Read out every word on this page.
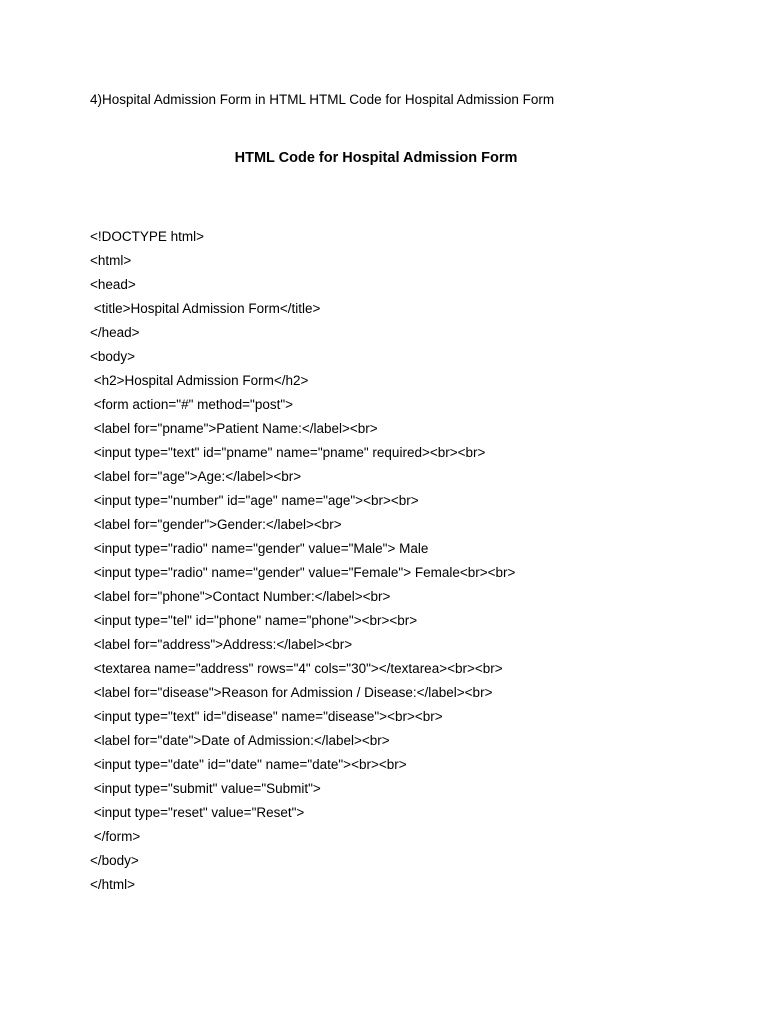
4)Hospital Admission Form in HTML HTML Code for Hospital Admission Form
HTML Code for Hospital Admission Form
<!DOCTYPE html>
<html>
<head>
<title>Hospital Admission Form</title>
</head>
<body>
<h2>Hospital Admission Form</h2>
<form action="#" method="post">
<label for="pname">Patient Name:</label><br>
<input type="text" id="pname" name="pname" required><br><br>
<label for="age">Age:</label><br>
<input type="number" id="age" name="age"><br><br>
<label for="gender">Gender:</label><br>
<input type="radio" name="gender" value="Male"> Male
<input type="radio" name="gender" value="Female"> Female<br><br>
<label for="phone">Contact Number:</label><br>
<input type="tel" id="phone" name="phone"><br><br>
<label for="address">Address:</label><br>
<textarea name="address" rows="4" cols="30"></textarea><br><br>
<label for="disease">Reason for Admission / Disease:</label><br>
<input type="text" id="disease" name="disease"><br><br>
<label for="date">Date of Admission:</label><br>
<input type="date" id="date" name="date"><br><br>
<input type="submit" value="Submit">
<input type="reset" value="Reset">
</form>
</body>
</html>
